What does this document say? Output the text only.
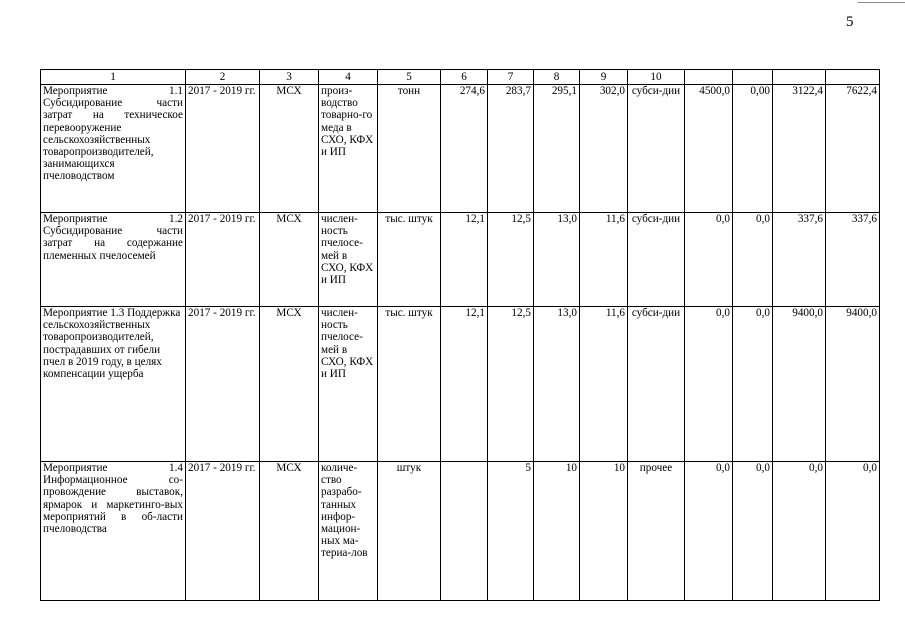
5
1	2	3	4	5	6	7	8	9	10				
Мероприятие 1.1 Субсидирование части затрат на техническое перевооружение сельскохозяйственных товаропроизводителей, занимающихся пчеловодством	2017 - 2019 гг.	МСХ	произ-водство товарно-го меда в СХО, КФХ и ИП	тонн	274,6	283,7	295,1	302,0	субси-дии	4500,0	0,00	3122,4	7622,4
Мероприятие 1.2 Субсидирование части затрат на содержание племенных пчелосемей	2017 - 2019 гг.	МСХ	числен-ность пчелосе-мей в СХО, КФХ и ИП	тыс. штук	12,1	12,5	13,0	11,6	субси-дии	0,0	0,0	337,6	337,6
Мероприятие 1.3 Поддержка сельскохозяйственных товаропроизводителей, пострадавших от гибели пчел в 2019 году, в целях компенсации ущерба	2017 - 2019 гг.	МСХ	числен-ность пчелосе-мей в СХО, КФХ и ИП	тыс. штук	12,1	12,5	13,0	11,6	субси-дии	0,0	0,0	9400,0	9400,0
Мероприятие 1.4 Информационное со-провождение выставок, ярмарок и маркетинго-вых мероприятий в об-ласти пчеловодства	2017 - 2019 гг.	МСХ	количе-ство разрабо-танных инфор-мацион-ных ма-териа-лов	штук		5	10	10	прочее	0,0	0,0	0,0	0,0
